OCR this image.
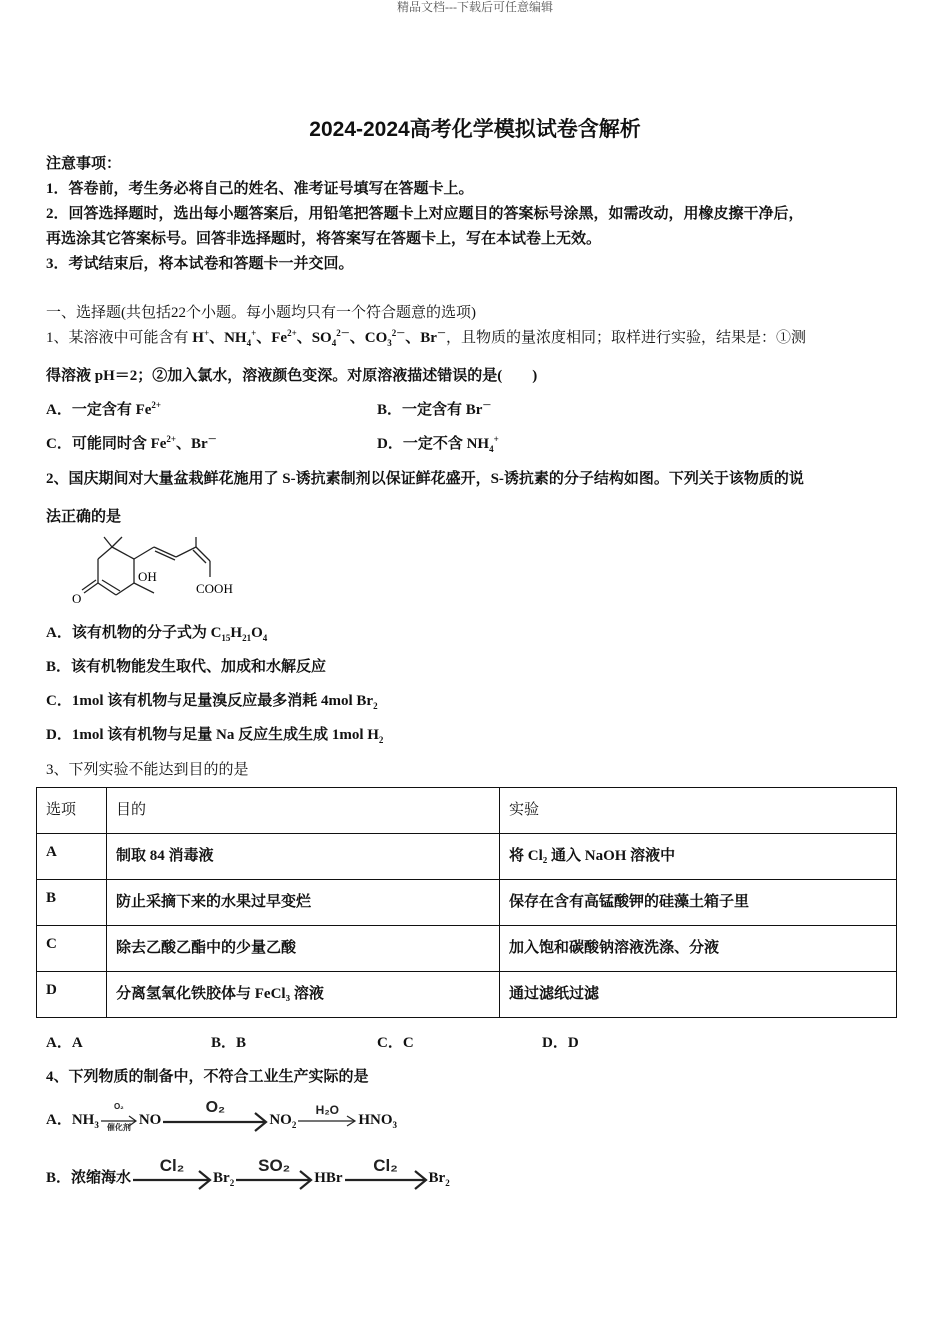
精品文档---下载后可任意编辑
2024-2024高考化学模拟试卷含解析
注意事项：
1．答卷前，考生务必将自己的姓名、准考证号填写在答题卡上。
2．回答选择题时，选出每小题答案后，用铅笔把答题卡上对应题目的答案标号涂黑，如需改动，用橡皮擦干净后，
再选涂其它答案标号。回答非选择题时，将答案写在答题卡上，写在本试卷上无效。
3．考试结束后，将本试卷和答题卡一并交回。
一、选择题(共包括22个小题。每小题均只有一个符合题意的选项)
1、某溶液中可能含有 H+、$NH_4^+$、$Fe^{2+}$、$SO_4^{2-}$、$CO_3^{2-}$、Br－，且物质的量浓度相同；取样进行实验，结果是：①测
得溶液 pH＝2；②加入氯水，溶液颜色变深。对原溶液描述错误的是(　　)
A．一定含有 $Fe^{2+}$	B．一定含有 Br－
C．可能同时含 $Fe^{2+}$、Br－	D．一定不含 $NH_4^+$
2、国庆期间对大量盆栽鲜花施用了 S-诱抗素制剂以保证鲜花盛开，S-诱抗素的分子结构如图。下列关于该物质的说
法正确的是
OH
COOH
O
A．该有机物的分子式为 $C_{15}H_{21}O_4$
B．该有机物能发生取代、加成和水解反应
C．1mol 该有机物与足量溴反应最多消耗 4mol $Br_2$
D．1mol 该有机物与足量 Na 反应生成生成 1mol $H_2$
3、下列实验不能达到目的的是
选项	目的	实验
A	制取 84 消毒液	将 Cl₂ 通入 NaOH 溶液中
B	防止采摘下来的水果过早变烂	保存在含有高锰酸钾的硅藻土箱子里
C	除去乙酸乙酯中的少量乙酸	加入饱和碳酸钠溶液洗涤、分液
D	分离氢氧化铁胶体与 FeCl₃ 溶液	通过滤纸过滤
A．A	B．B	C．C	D．D
4、下列物质的制备中，不符合工业生产实际的是
A．$NH_3$
O₂
催化剂 NO
O₂
$NO_2$
H₂O
$HNO_3$
B．浓缩海水
Cl₂
$Br_2$
SO₂
HBr
Cl₂
$Br_2$
